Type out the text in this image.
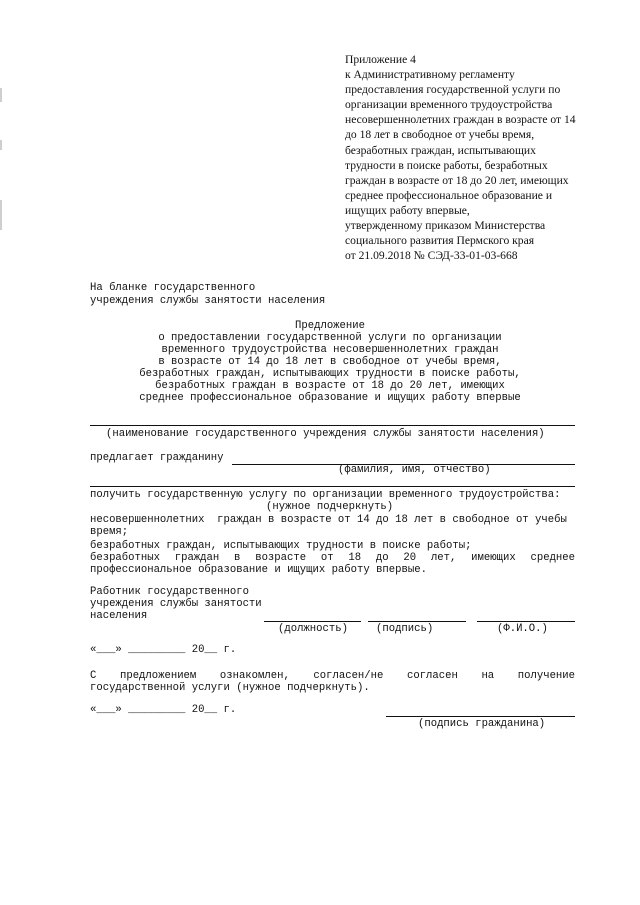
Приложение 4
к Административному регламенту
предоставления государственной услуги по
организации временного трудоустройства
несовершеннолетних граждан в возрасте от 14
до 18 лет в свободное от учебы время,
безработных граждан, испытывающих
трудности в поиске работы, безработных
граждан в возрасте от 18 до 20 лет, имеющих
среднее профессиональное образование и
ищущих работу впервые,
утвержденному приказом Министерства
социального развития Пермского края
от 21.09.2018 № СЭД-33-01-03-668
На бланке государственного
учреждения службы занятости населения
Предложение
о предоставлении государственной услуги по организации
временного трудоустройства несовершеннолетних граждан
в возрасте от 14 до 18 лет в свободное от учебы время,
безработных граждан, испытывающих трудности в поиске работы,
безработных граждан в возрасте от 18 до 20 лет, имеющих
среднее профессиональное образование и ищущих работу впервые
(наименование государственного учреждения службы занятости населения)
предлагает гражданину
(фамилия, имя, отчество)
получить государственную услугу по организации временного трудоустройства:
(нужное подчеркнуть)
несовершеннолетних  граждан в возрасте от 14 до 18 лет в свободное от учебы
время;
безработных граждан, испытывающих трудности в поиске работы;
безработных граждан в возрасте от 18 до 20 лет, имеющих среднее
профессиональное образование и ищущих работу впервые.
Работник государственного
учреждения службы занятости
населения
(должность)	(подпись)	(Ф.И.О.)
«___» _________ 20__ г.
С предложением ознакомлен, согласен/не согласен на получение
государственной услуги (нужное подчеркнуть).
«___» _________ 20__ г.
(подпись гражданина)
